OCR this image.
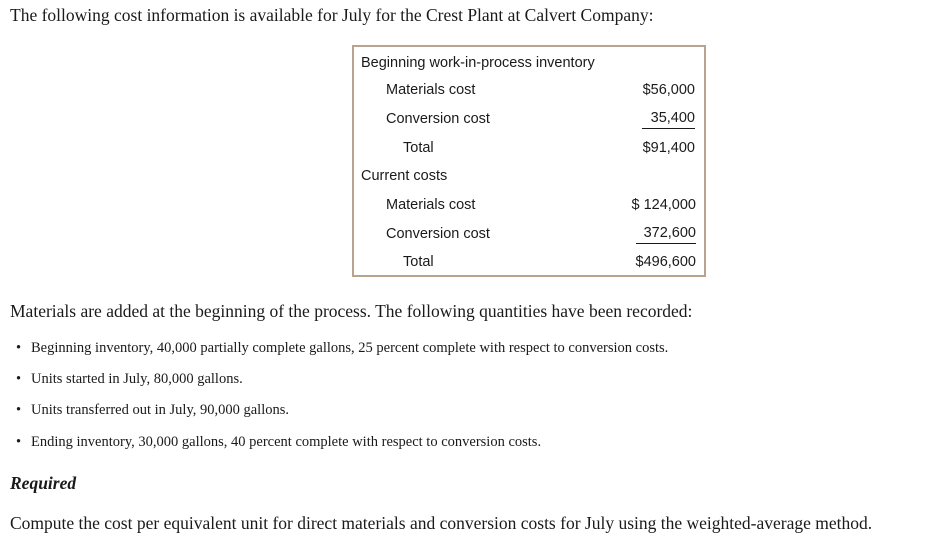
The following cost information is available for July for the Crest Plant at Calvert Company:
Beginning work-in-process inventory
Materials cost	$56,000
Conversion cost	35,400
Total	$91,400
Current costs
Materials cost	$ 124,000
Conversion cost	372,600
Total	$496,600
Materials are added at the beginning of the process. The following quantities have been recorded:
• Beginning inventory, 40,000 partially complete gallons, 25 percent complete with respect to conversion costs.
• Units started in July, 80,000 gallons.
• Units transferred out in July, 90,000 gallons.
• Ending inventory, 30,000 gallons, 40 percent complete with respect to conversion costs.
Required
Compute the cost per equivalent unit for direct materials and conversion costs for July using the weighted-average method.
